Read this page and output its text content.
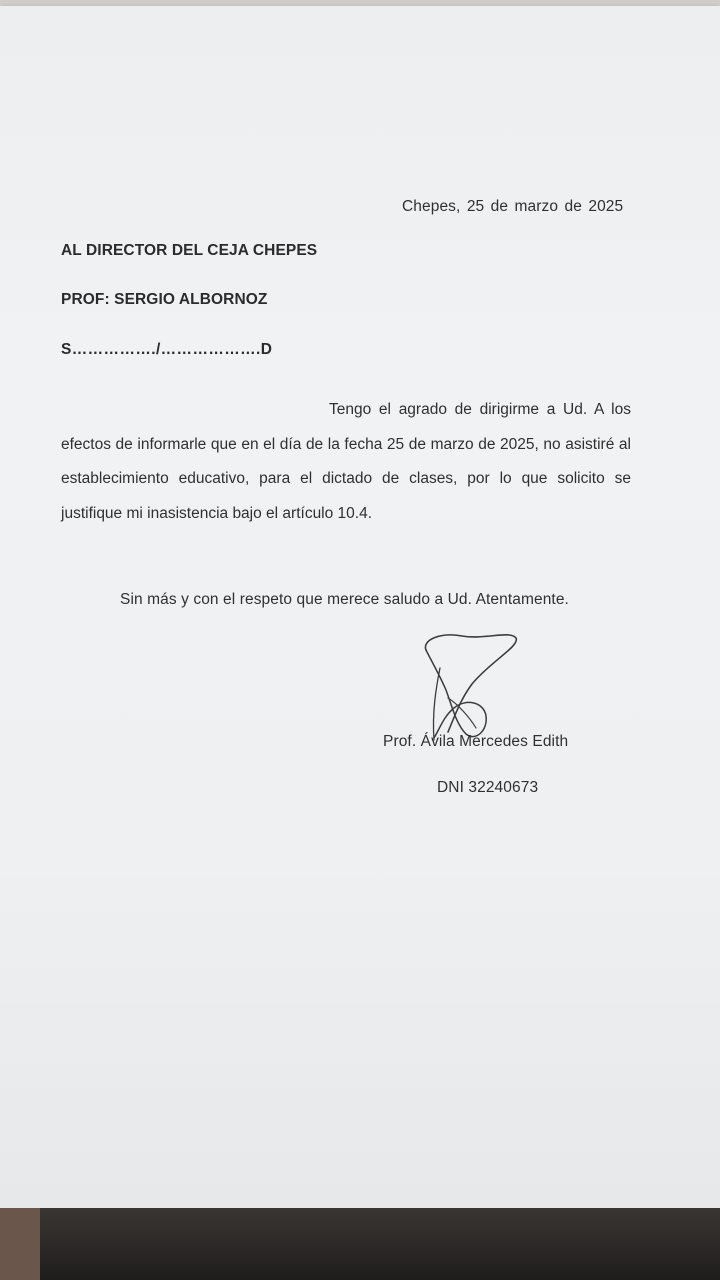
Chepes, 25 de marzo de 2025
AL DIRECTOR DEL CEJA CHEPES
PROF: SERGIO ALBORNOZ
S……………./……………….D
Tengo el agrado de dirigirme a Ud. A los efectos de informarle que en el día de la fecha 25 de marzo de 2025, no asistiré al establecimiento educativo, para el dictado de clases, por lo que solicito se justifique mi inasistencia bajo el artículo 10.4.
Sin más y con el respeto que merece saludo a Ud. Atentamente.
Prof. Ávila Mercedes Edith
DNI 32240673
